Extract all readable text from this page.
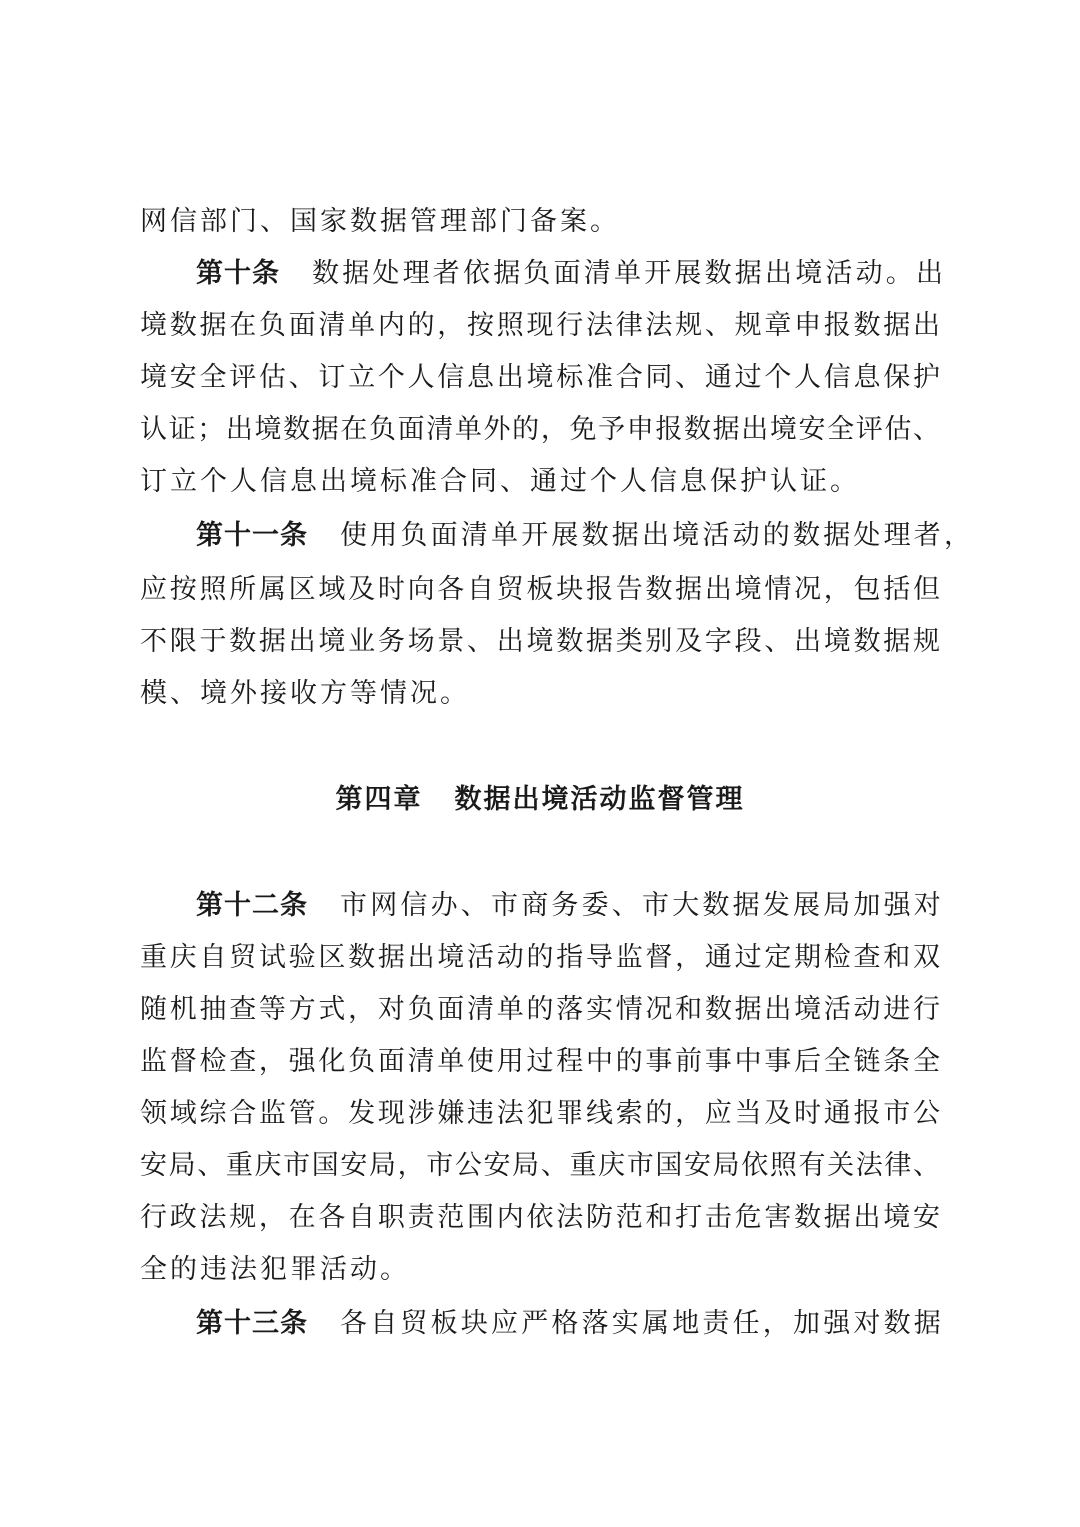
网信部门、国家数据管理部门备案。
第十条 数据处理者依据负面清单开展数据出境活动。出
境数据在负面清单内的，按照现行法律法规、规章申报数据出
境安全评估、订立个人信息出境标准合同、通过个人信息保护
认证；出境数据在负面清单外的，免予申报数据出境安全评估、
订立个人信息出境标准合同、通过个人信息保护认证。
第十一条 使用负面清单开展数据出境活动的数据处理者，
应按照所属区域及时向各自贸板块报告数据出境情况，包括但
不限于数据出境业务场景、出境数据类别及字段、出境数据规
模、境外接收方等情况。
第四章 数据出境活动监督管理
第十二条 市网信办、市商务委、市大数据发展局加强对
重庆自贸试验区数据出境活动的指导监督，通过定期检查和双
随机抽查等方式，对负面清单的落实情况和数据出境活动进行
监督检查，强化负面清单使用过程中的事前事中事后全链条全
领域综合监管。发现涉嫌违法犯罪线索的，应当及时通报市公
安局、重庆市国安局，市公安局、重庆市国安局依照有关法律、
行政法规，在各自职责范围内依法防范和打击危害数据出境安
全的违法犯罪活动。
第十三条 各自贸板块应严格落实属地责任，加强对数据
